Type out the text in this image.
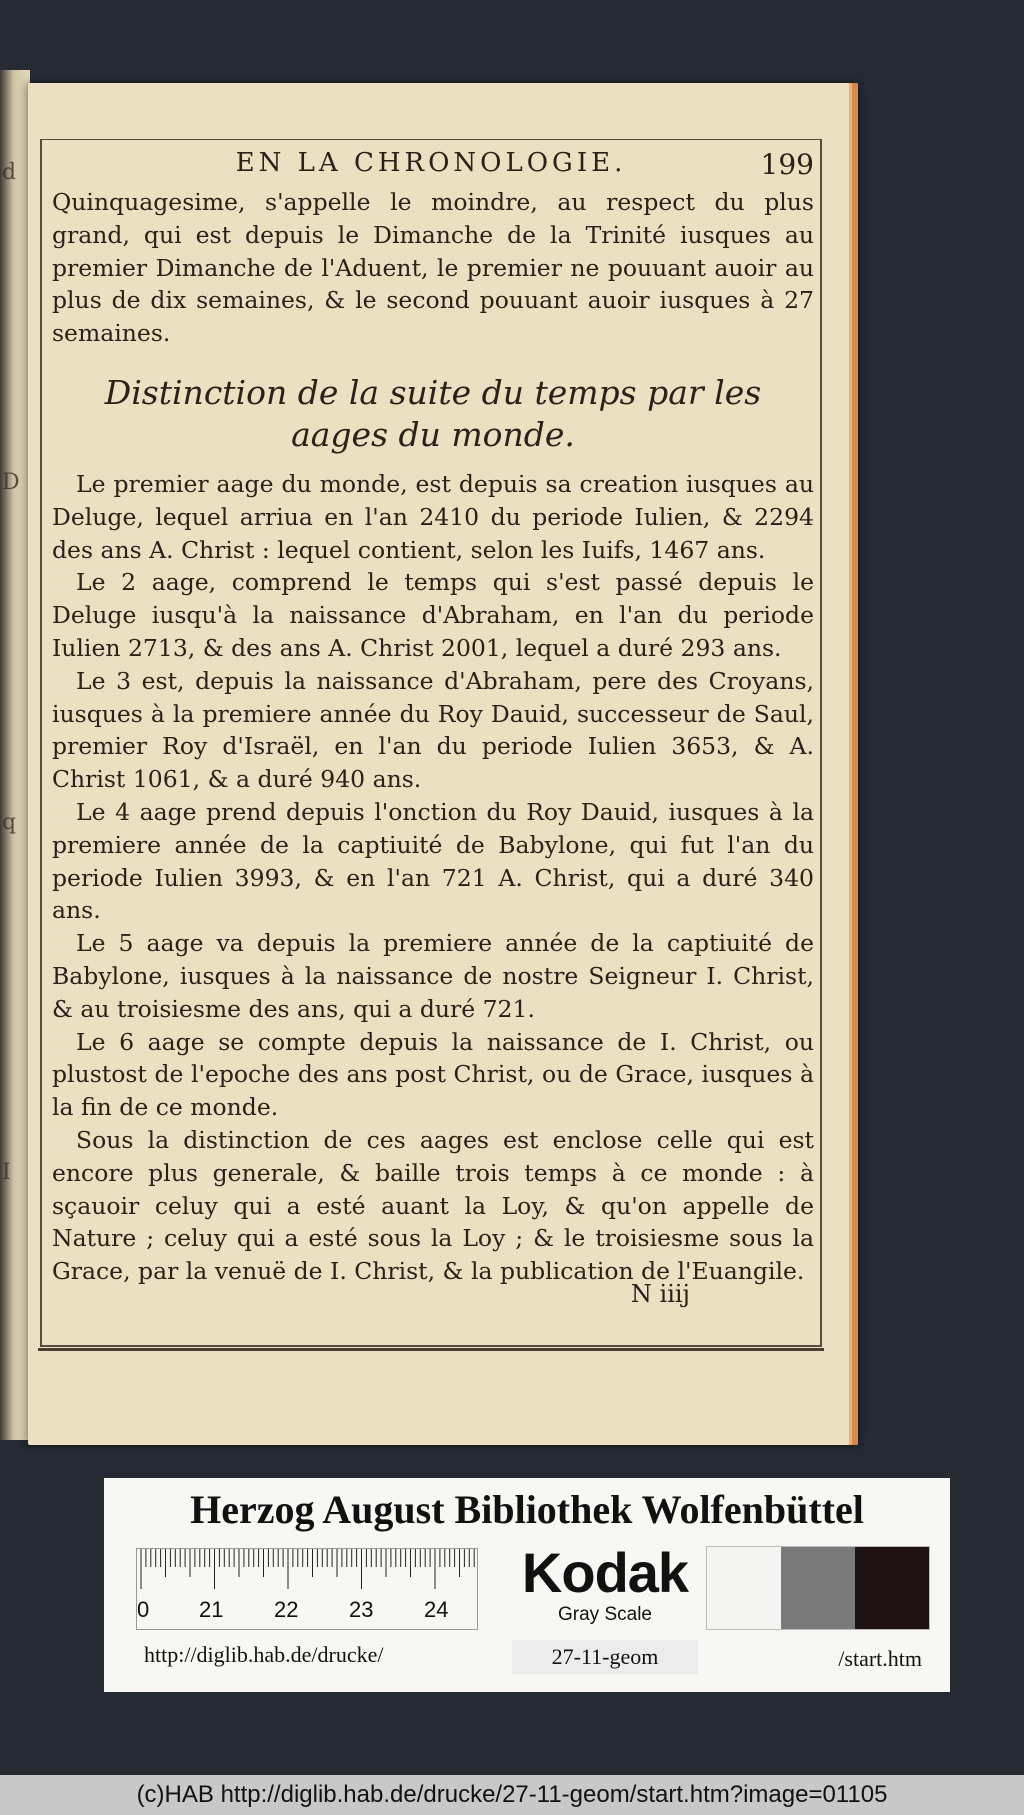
d
D
q
I
EN LA CHRONOLOGIE.	199

Quinquagesime, s'appelle le moindre, au respect du plus grand, qui est depuis le Dimanche de la Trinité iusques au premier Dimanche de l'Aduent, le premier ne pouuant auoir au plus de dix semaines, & le second pouuant auoir iusques à 27 semaines.

Distinction de la suite du temps par les aages du monde.

Le premier aage du monde, est depuis sa creation iusques au Deluge, lequel arriua en l'an 2410 du periode Iulien, & 2294 des ans A. Christ : lequel contient, selon les Iuifs, 1467 ans.

Le 2 aage, comprend le temps qui s'est passé depuis le Deluge iusqu'à la naissance d'Abraham, en l'an du periode Iulien 2713, & des ans A. Christ 2001, lequel a duré 293 ans.

Le 3 est, depuis la naissance d'Abraham, pere des Croyans, iusques à la premiere année du Roy Dauid, successeur de Saul, premier Roy d'Israël, en l'an du periode Iulien 3653, & A. Christ 1061, & a duré 940 ans.

Le 4 aage prend depuis l'onction du Roy Dauid, iusques à la premiere année de la captiuité de Babylone, qui fut l'an du periode Iulien 3993, & en l'an 721 A. Christ, qui a duré 340 ans.

Le 5 aage va depuis la premiere année de la captiuité de Babylone, iusques à la naissance de nostre Seigneur I. Christ, & au troisiesme des ans, qui a duré 721.

Le 6 aage se compte depuis la naissance de I. Christ, ou plustost de l'epoche des ans post Christ, ou de Grace, iusques à la fin de ce monde.

Sous la distinction de ces aages est enclose celle qui est encore plus generale, & baille trois temps à ce monde : à sçauoir celuy qui a esté auant la Loy, & qu'on appelle de Nature ; celuy qui a esté sous la Loy ; & le troisiesme sous la Grace, par la venuë de I. Christ, & la publication de l'Euangile.

N iiij
Herzog August Bibliothek Wolfenbüttel
0 21 22 23 24
Kodak
Gray Scale
http://diglib.hab.de/drucke/	27-11-geom	/start.htm
(c)HAB http://diglib.hab.de/drucke/27-11-geom/start.htm?image=01105
